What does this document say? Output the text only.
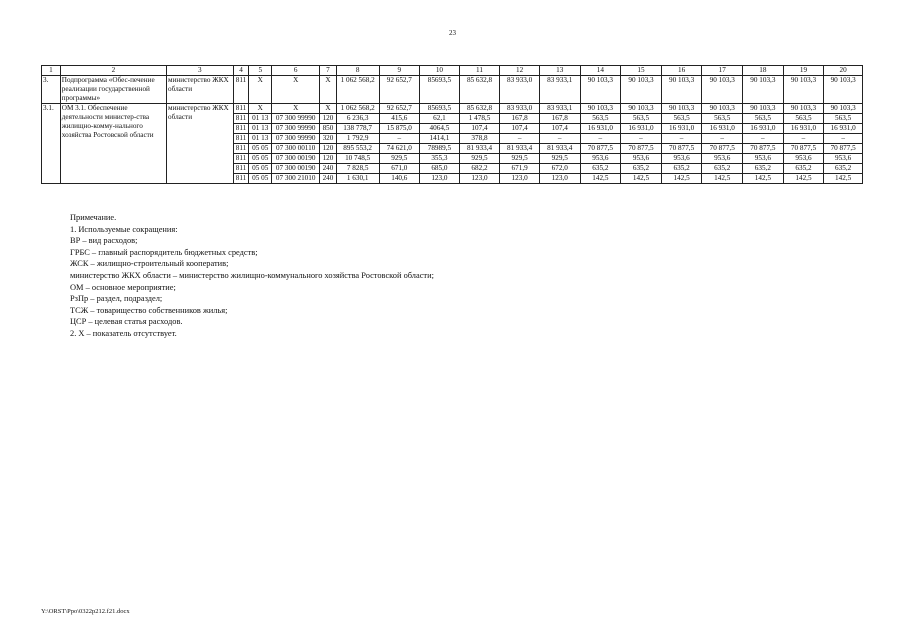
23
1	2	3	4	5	6	7	8	9	10	11	12	13	14	15	16	17	18	19	20
3.	Подпрограмма «Обес-печение реализации государственной программы»	министерство ЖКХ области	811	Х	Х	Х	1 062 568,2	92 652,7	85693,5	85 632,8	83 933,0	83 933,1	90 103,3	90 103,3	90 103,3	90 103,3	90 103,3	90 103,3	90 103,3
3.1.	ОМ 3.1. Обеспечение деятельности министер-ства жилищно-комму-нального хозяйства Ростовской области	министерство ЖКХ области	811	Х	Х	Х	1 062 568,2	92 652,7	85693,5	85 632,8	83 933,0	83 933,1	90 103,3	90 103,3	90 103,3	90 103,3	90 103,3	90 103,3	90 103,3
			811	01 13	07 300 99990	120	6 236,3	415,6	62,1	1 478,5	167,8	167,8	563,5	563,5	563,5	563,5	563,5	563,5	563,5
			811	01 13	07 300 99990	850	138 778,7	15 875,0	4064,5	107,4	107,4	107,4	16 931,0	16 931,0	16 931,0	16 931,0	16 931,0	16 931,0	16 931,0
			811	01 13	07 300 99990	320	1 792,9	–	1414,1	378,8	–	–	–	–	–	–	–	–	–
			811	05 05	07 300 00110	120	895 553,2	74 621,0	78989,5	81 933,4	81 933,4	81 933,4	70 877,5	70 877,5	70 877,5	70 877,5	70 877,5	70 877,5	70 877,5
			811	05 05	07 300 00190	120	10 748,5	929,5	355,3	929,5	929,5	929,5	953,6	953,6	953,6	953,6	953,6	953,6	953,6
			811	05 05	07 300 00190	240	7 828,5	671,0	685,0	682,2	671,9	672,0	635,2	635,2	635,2	635,2	635,2	635,2	635,2
			811	05 05	07 300 21010	240	1 630,1	140,6	123,0	123,0	123,0	123,0	142,5	142,5	142,5	142,5	142,5	142,5	142,5
Примечание.
1. Используемые сокращения:
ВР – вид расходов;
ГРБС – главный распорядитель бюджетных средств;
ЖСК – жилищно-строительный кооператив;
министерство ЖКХ области – министерство жилищно-коммунального хозяйства Ростовской области;
ОМ – основное мероприятие;
РзПр – раздел, подраздел;
ТСЖ – товарищество собственников жилья;
ЦСР – целевая статья расходов.
2. Х – показатель отсутствует.
Y:\ORST\Ppo\0322p212.f21.docx
